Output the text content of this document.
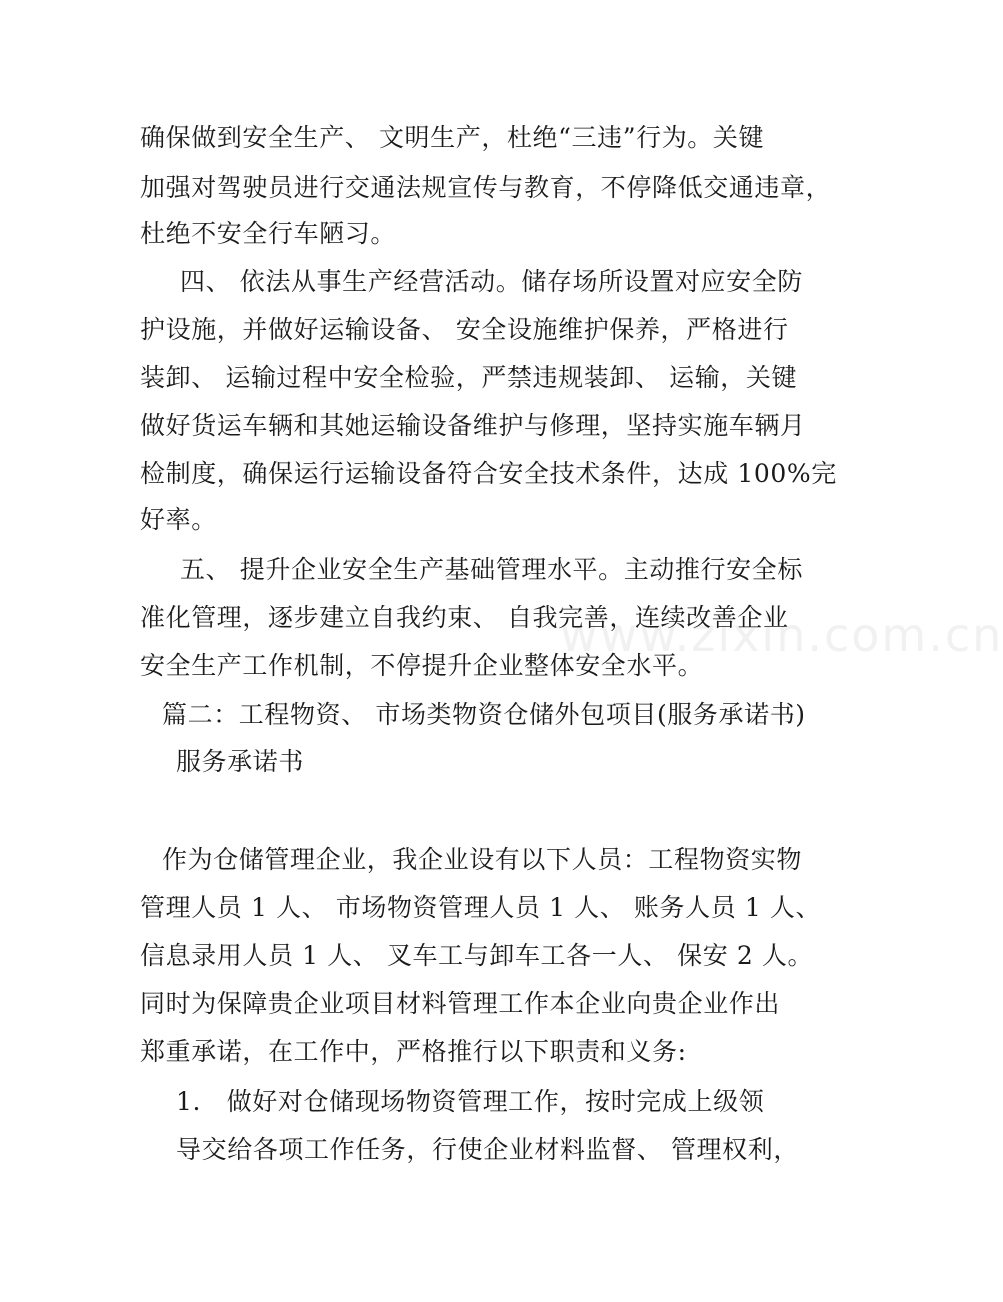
www.zixin.com.cn
确保做到安全生产、 文明生产，杜绝“三违”行为。关键
加强对驾驶员进行交通法规宣传与教育，不停降低交通违章，
杜绝不安全行车陋习。
四、 依法从事生产经营活动。储存场所设置对应安全防
护设施，并做好运输设备、 安全设施维护保养，严格进行
装卸、 运输过程中安全检验，严禁违规装卸、 运输，关键
做好货运车辆和其她运输设备维护与修理，坚持实施车辆月
检制度，确保运行运输设备符合安全技术条件，达成 100%完
好率。
五、 提升企业安全生产基础管理水平。主动推行安全标
准化管理，逐步建立自我约束、 自我完善，连续改善企业
安全生产工作机制，不停提升企业整体安全水平。
篇二：工程物资、 市场类物资仓储外包项目(服务承诺书)
服务承诺书
作为仓储管理企业，我企业设有以下人员：工程物资实物
管理人员 1 人、 市场物资管理人员 1 人、 账务人员 1 人、
信息录用人员 1 人、 叉车工与卸车工各一人、 保安 2 人。
同时为保障贵企业项目材料管理工作本企业向贵企业作出
郑重承诺，在工作中，严格推行以下职责和义务:
1.   做好对仓储现场物资管理工作，按时完成上级领
导交给各项工作任务，行使企业材料监督、 管理权利，
